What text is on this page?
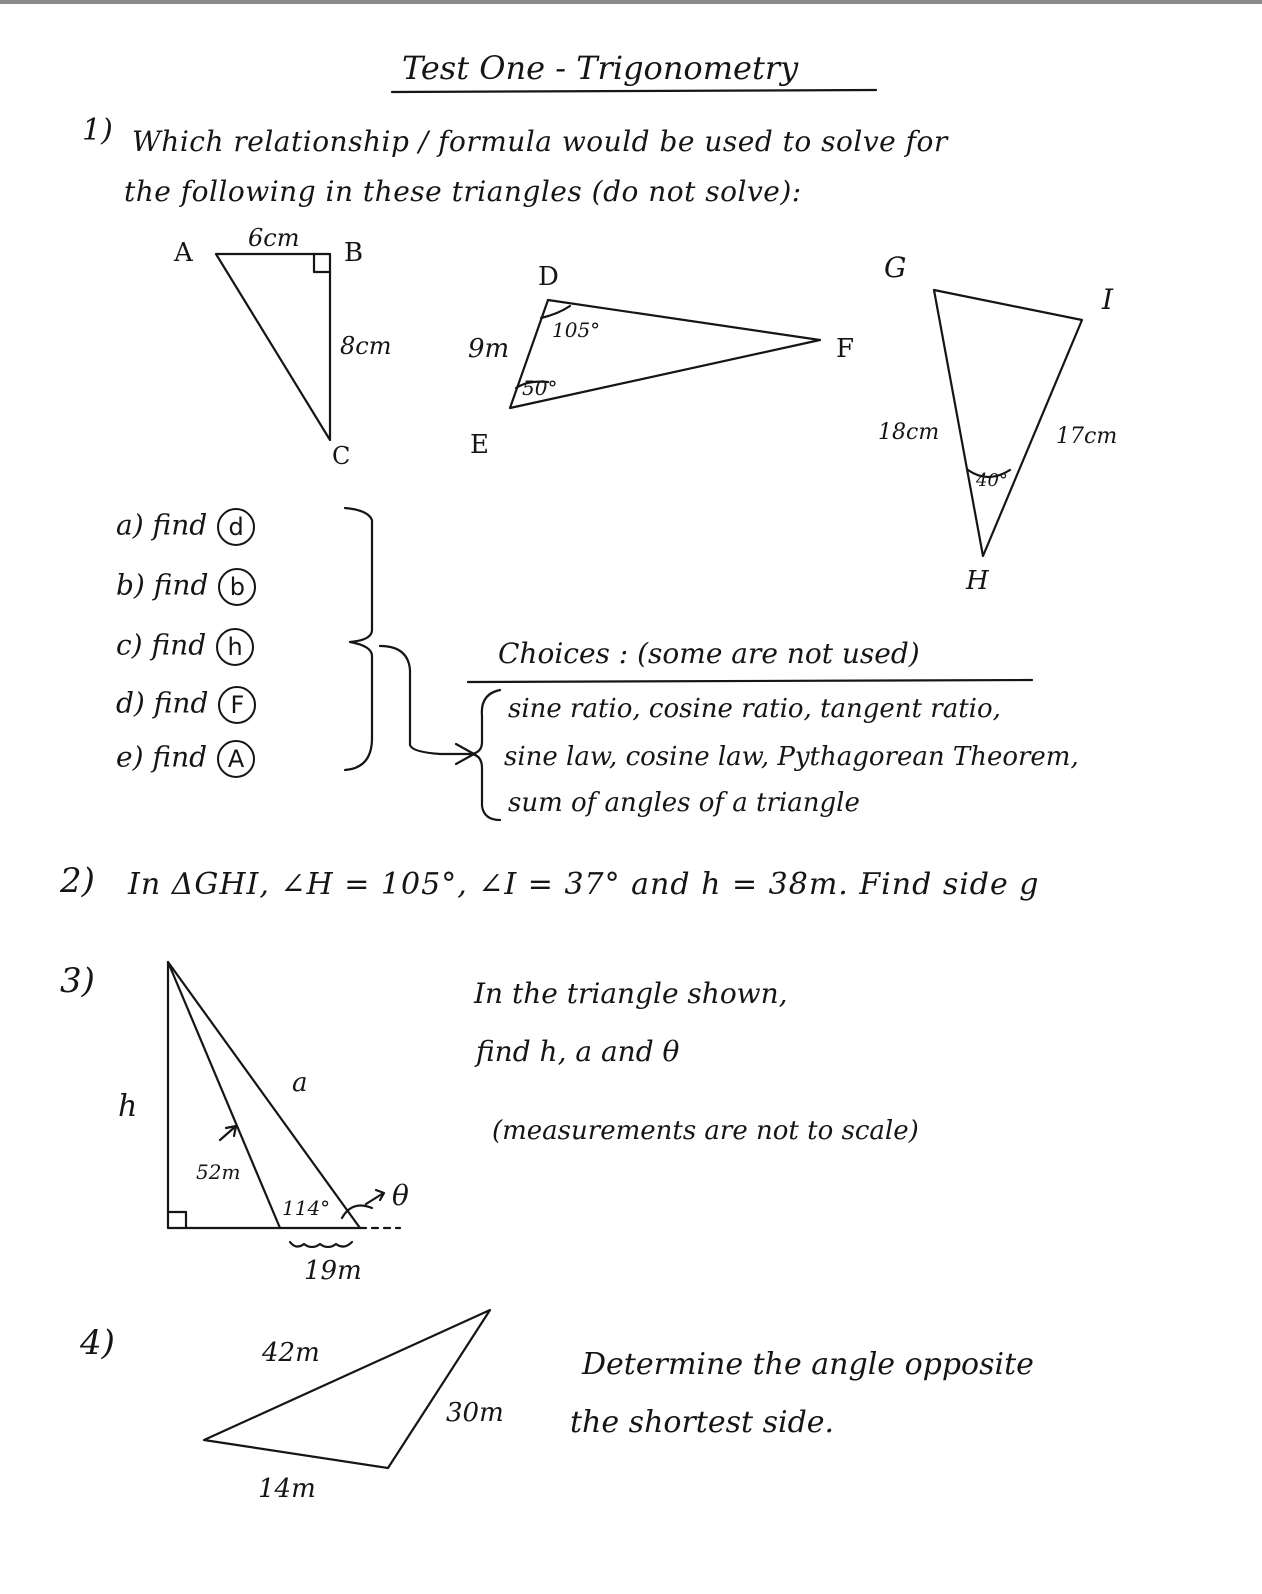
Test One - Trigonometry
1) Which relationship / formula would be used to solve for
the following in these triangles (do not solve):
A	B
C
6cm
8cm
D
E
F
9m
105°
50°
G
H
I
18cm	17cm
40°
a) find d
b) find b
c) find h
d) find F
e) find A
Choices : (some are not used)
sine ratio, cosine ratio, tangent ratio,
sine law, cosine law, Pythagorean Theorem,
sum of angles of a triangle
2) In ΔGHI, ∠H = 105°, ∠I = 37° and h = 38m. Find side g
3)
h
a
52m
114° θ
19m
In the triangle shown,
find h, a and θ
(measurements are not to scale)
4)	42m
30m
14m
Determine the angle opposite
the shortest side.
